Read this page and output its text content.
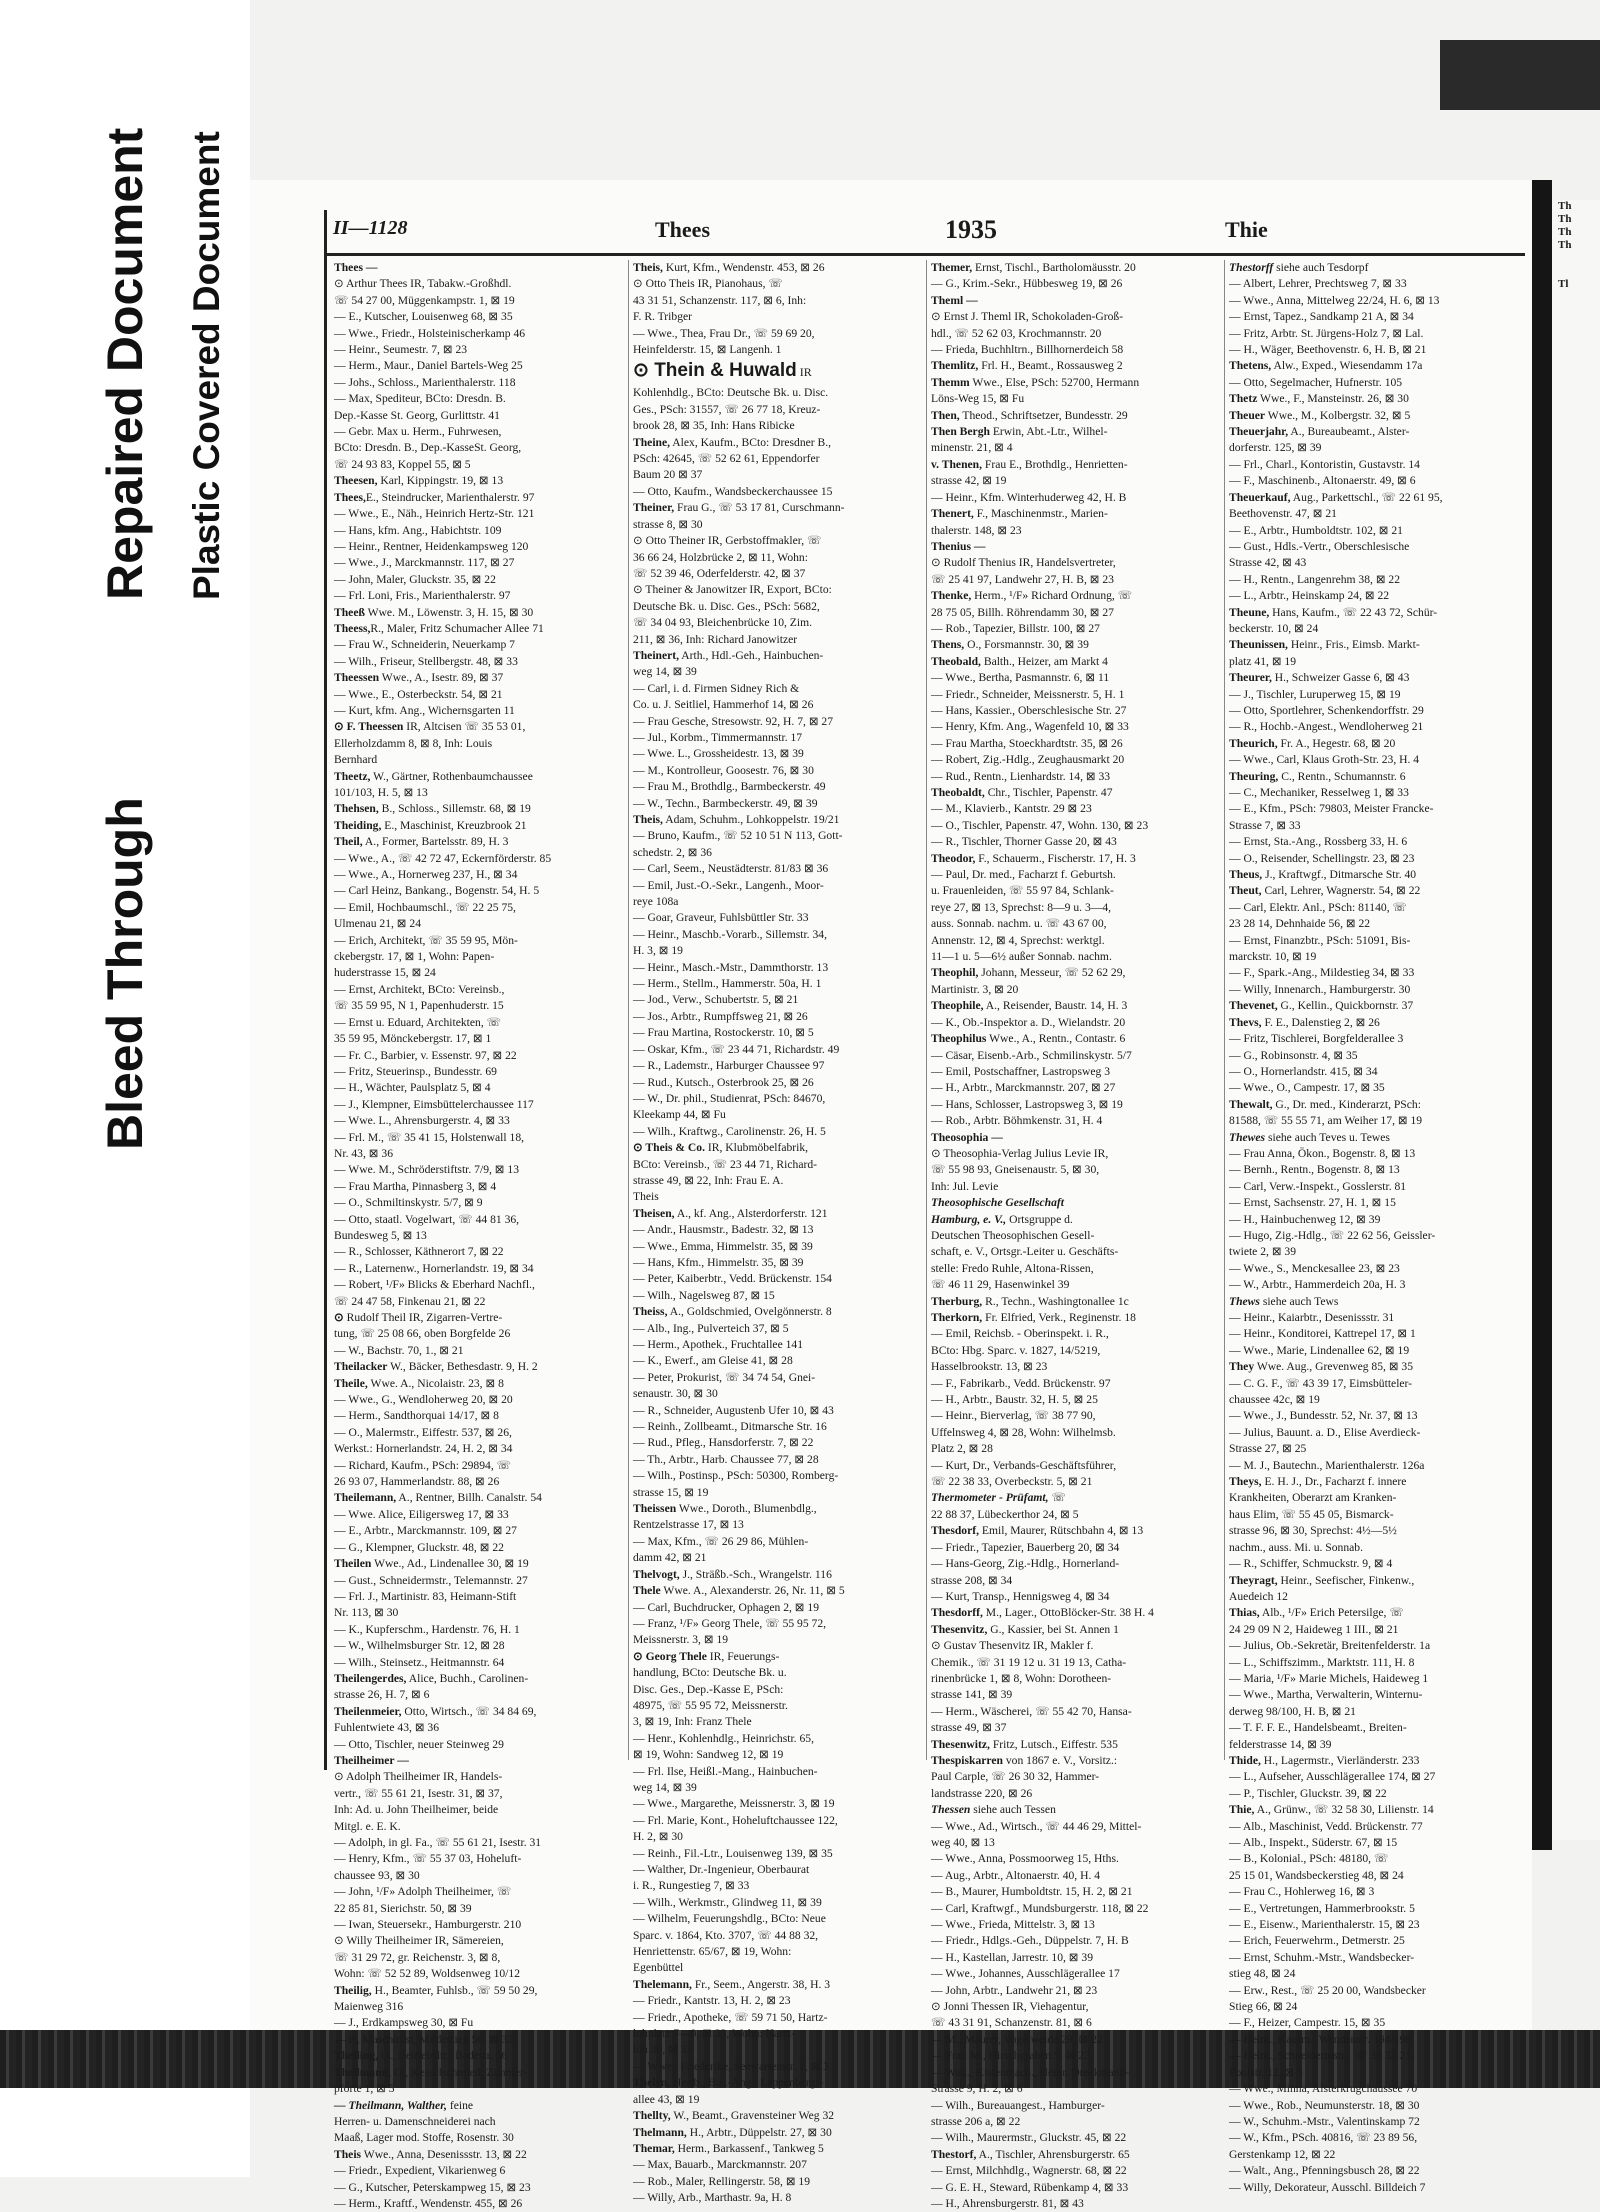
Repaired Document
Bleed Through
Plastic Covered Document	Th
Th
Th
Th

Tl
II—1128	Thees	1935	Thie

Thees —

⊙ Arthur Thees IR, Tabakw.-Großhdl.

☏ 54 27 00, Müggenkampstr. 1, ⊠ 19

— E., Kutscher, Louisenweg 68, ⊠ 35

— Wwe., Friedr., Holsteinischerkamp 46

— Heinr., Seumestr. 7, ⊠ 23

— Herm., Maur., Daniel Bartels-Weg 25

— Johs., Schloss., Marienthalerstr. 118

— Max, Spediteur, BCto: Dresdn. B.

Dep.-Kasse St. Georg, Gurlittstr. 41

— Gebr. Max u. Herm., Fuhrwesen,

BCto: Dresdn. B., Dep.-KasseSt. Georg,

☏ 24 93 83, Koppel 55, ⊠ 5

Theesen, Karl, Kippingstr. 19, ⊠ 13

Thees,E., Steindrucker, Marienthalerstr. 97

— Wwe., E., Näh., Heinrich Hertz-Str. 121

— Hans, kfm. Ang., Habichtstr. 109

— Heinr., Rentner, Heidenkampsweg 120

— Wwe., J., Marckmannstr. 117, ⊠ 27

— John, Maler, Gluckstr. 35, ⊠ 22

— Frl. Loni, Fris., Marienthalerstr. 97

Theeß Wwe. M., Löwenstr. 3, H. 15, ⊠ 30

Theess,R., Maler, Fritz Schumacher Allee 71

— Frau W., Schneiderin, Neuerkamp 7

— Wilh., Friseur, Stellbergstr. 48, ⊠ 33

Theessen Wwe., A., Isestr. 89, ⊠ 37

— Wwe., E., Osterbeckstr. 54, ⊠ 21

— Kurt, kfm. Ang., Wichernsgarten 11

⊙ F. Theessen IR, Altcisen ☏ 35 53 01,

Ellerholzdamm 8, ⊠ 8, Inh: Louis

Bernhard

Theetz, W., Gärtner, Rothenbaumchaussee

101/103, H. 5, ⊠ 13

Thehsen, B., Schloss., Sillemstr. 68, ⊠ 19

Theiding, E., Maschinist, Kreuzbrook 21

Theil, A., Former, Bartelsstr. 89, H. 3

— Wwe., A., ☏ 42 72 47, Eckernförderstr. 85

— Wwe., A., Hornerweg 237, H., ⊠ 34

— Carl Heinz, Bankang., Bogenstr. 54, H. 5

— Emil, Hochbaumschl., ☏ 22 25 75,

Ulmenau 21, ⊠ 24

— Erich, Architekt, ☏ 35 59 95, Mön-

ckebergstr. 17, ⊠ 1, Wohn: Papen-

huderstrasse 15, ⊠ 24

— Ernst, Architekt, BCto: Vereinsb.,

☏ 35 59 95, N 1, Papenhuderstr. 15

— Ernst u. Eduard, Architekten, ☏

35 59 95, Mönckebergstr. 17, ⊠ 1

— Fr. C., Barbier, v. Essenstr. 97, ⊠ 22

— Fritz, Steuerinsp., Bundesstr. 69

— H., Wächter, Paulsplatz 5, ⊠ 4

— J., Klempner, Eimsbüttelerchaussee 117

— Wwe. L., Ahrensburgerstr. 4, ⊠ 33

— Frl. M., ☏ 35 41 15, Holstenwall 18,

Nr. 43, ⊠ 36

— Wwe. M., Schröderstiftstr. 7/9, ⊠ 13

— Frau Martha, Pinnasberg 3, ⊠ 4

— O., Schmiltinskystr. 5/7, ⊠ 9

— Otto, staatl. Vogelwart, ☏ 44 81 36,

Bundesweg 5, ⊠ 13

— R., Schlosser, Käthnerort 7, ⊠ 22

— R., Laternenw., Hornerlandstr. 19, ⊠ 34

— Robert, ¹/F» Blicks & Eberhard Nachfl.,

☏ 24 47 58, Finkenau 21, ⊠ 22

⊙ Rudolf Theil IR, Zigarren-Vertre-

tung, ☏ 25 08 66, oben Borgfelde 26

— W., Bachstr. 70, 1., ⊠ 21

Theilacker W., Bäcker, Bethesdastr. 9, H. 2

Theile, Wwe. A., Nicolaistr. 23, ⊠ 8

— Wwe., G., Wendloherweg 20, ⊠ 20

— Herm., Sandthorquai 14/17, ⊠ 8

— O., Malermstr., Eiffestr. 537, ⊠ 26,

Werkst.: Hornerlandstr. 24, H. 2, ⊠ 34

— Richard, Kaufm., PSch: 29894, ☏

26 93 07, Hammerlandstr. 88, ⊠ 26

Theilemann, A., Rentner, Billh. Canalstr. 54

— Wwe. Alice, Eiligersweg 17, ⊠ 33

— E., Arbtr., Marckmannstr. 109, ⊠ 27

— G., Klempner, Gluckstr. 48, ⊠ 22

Theilen Wwe., Ad., Lindenallee 30, ⊠ 19

— Gust., Schneidermstr., Telemannstr. 27

— Frl. J., Martinistr. 83, Heimann-Stift

Nr. 113, ⊠ 30

— K., Kupferschm., Hardenstr. 76, H. 1

— W., Wilhelmsburger Str. 12, ⊠ 28

— Wilh., Steinsetz., Heitmannstr. 64

Theilengerdes, Alice, Buchh., Carolinen-

strasse 26, H. 7, ⊠ 6

Theilenmeier, Otto, Wirtsch., ☏ 34 84 69,

Fuhlentwiete 43, ⊠ 36

— Otto, Tischler, neuer Steinweg 29

Theilheimer —

⊙ Adolph Theilheimer IR, Handels-

vertr., ☏ 55 61 21, Isestr. 31, ⊠ 37,

Inh: Ad. u. John Theilheimer, beide

Mitgl. e. E. K.

— Adolph, in gl. Fa., ☏ 55 61 21, Isestr. 31

— Henry, Kfm., ☏ 55 37 03, Hoheluft-

chaussee 93, ⊠ 30

— John, ¹/F» Adolph Theilheimer, ☏

22 85 81, Sierichstr. 50, ⊠ 39

— Iwan, Steuersekr., Hamburgerstr. 210

⊙ Willy Theilheimer IR, Sämereien,

☏ 31 29 72, gr. Reichenstr. 3, ⊠ 8,

Wohn: ☏ 52 52 89, Woldsenweg 10/12

Theilig, H., Beamter, Fuhlsb., ☏ 59 50 29,

Maienweg 316

— J., Erdkampsweg 30, ⊠ Fu

— P., Maschinist, Mildestieg 56, ⊠ 33

Theiling, O., Betriebsltr., Badestr. 56

Theilmann, O., Kesselschmied, Zimmer-

pforte 1, ⊠ 5

— Theilmann, Walther, feine

Herren- u. Damenschneiderei nach

Maaß, Lager mod. Stoffe, Rosenstr. 30

Theis Wwe., Anna, Desenissstr. 13, ⊠ 22

— Friedr., Expedient, Vikarienweg 6

— G., Kutscher, Peterskampweg 15, ⊠ 23

— Herm., Kraftf., Wendenstr. 455, ⊠ 26

Theis, Kurt, Kfm., Wendenstr. 453, ⊠ 26

⊙ Otto Theis IR, Pianohaus, ☏

43 31 51, Schanzenstr. 117, ⊠ 6, Inh:

F. R. Tribger

— Wwe., Thea, Frau Dr., ☏ 59 69 20,

Heinfelderstr. 15, ⊠ Langenh. 1

⊙ Thein & Huwald IR

Kohlenhdlg., BCto: Deutsche Bk. u. Disc.

Ges., PSch: 31557, ☏ 26 77 18, Kreuz-

brook 28, ⊠ 35, Inh: Hans Ribicke

Theine, Alex, Kaufm., BCto: Dresdner B.,

PSch: 42645, ☏ 52 62 61, Eppendorfer

Baum 20 ⊠ 37

— Otto, Kaufm., Wandsbeckerchaussee 15

Theiner, Frau G., ☏ 53 17 81, Curschmann-

strasse 8, ⊠ 30

⊙ Otto Theiner IR, Gerbstoffmakler, ☏

36 66 24, Holzbrücke 2, ⊠ 11, Wohn:

☏ 52 39 46, Oderfelderstr. 42, ⊠ 37

⊙ Theiner & Janowitzer IR, Export, BCto:

Deutsche Bk. u. Disc. Ges., PSch: 5682,

☏ 34 04 93, Bleichenbrücke 10, Zim.

211, ⊠ 36, Inh: Richard Janowitzer

Theinert, Arth., Hdl.-Geh., Hainbuchen-

weg 14, ⊠ 39

— Carl, i. d. Firmen Sidney Rich &

Co. u. J. Seitliel, Hammerhof 14, ⊠ 26

— Frau Gesche, Stresowstr. 92, H. 7, ⊠ 27

— Jul., Korbm., Timmermannstr. 17

— Wwe. L., Grossheidestr. 13, ⊠ 39

— M., Kontrolleur, Goosestr. 76, ⊠ 30

— Frau M., Brothdlg., Barmbeckerstr. 49

— W., Techn., Barmbeckerstr. 49, ⊠ 39

Theis, Adam, Schuhm., Lohkoppelstr. 19/21

— Bruno, Kaufm., ☏ 52 10 51 N 113, Gott-

schedstr. 2, ⊠ 36

— Carl, Seem., Neustädterstr. 81/83 ⊠ 36

— Emil, Just.-O.-Sekr., Langenh., Moor-

reye 108a

— Goar, Graveur, Fuhlsbüttler Str. 33

— Heinr., Maschb.-Vorarb., Sillemstr. 34,

H. 3, ⊠ 19

— Heinr., Masch.-Mstr., Dammthorstr. 13

— Herm., Stellm., Hammerstr. 50a, H. 1

— Jod., Verw., Schubertstr. 5, ⊠ 21

— Jos., Arbtr., Rumpffsweg 21, ⊠ 26

— Frau Martina, Rostockerstr. 10, ⊠ 5

— Oskar, Kfm., ☏ 23 44 71, Richardstr. 49

— R., Lademstr., Harburger Chaussee 97

— Rud., Kutsch., Osterbrook 25, ⊠ 26

— W., Dr. phil., Studienrat, PSch: 84670,

Kleekamp 44, ⊠ Fu

— Wilh., Kraftwg., Carolinenstr. 26, H. 5

⊙ Theis & Co. IR, Klubmöbelfabrik,

BCto: Vereinsb., ☏ 23 44 71, Richard-

strasse 49, ⊠ 22, Inh: Frau E. A.

Theis

Theisen, A., kf. Ang., Alsterdorferstr. 121

— Andr., Hausmstr., Badestr. 32, ⊠ 13

— Wwe., Emma, Himmelstr. 35, ⊠ 39

— Hans, Kfm., Himmelstr. 35, ⊠ 39

— Peter, Kaiberbtr., Vedd. Brückenstr. 154

— Wilh., Nagelsweg 87, ⊠ 15

Theiss, A., Goldschmied, Ovelgönnerstr. 8

— Alb., Ing., Pulverteich 37, ⊠ 5

— Herm., Apothek., Fruchtallee 141

— K., Ewerf., am Gleise 41, ⊠ 28

— Peter, Prokurist, ☏ 34 74 54, Gnei-

senaustr. 30, ⊠ 30

— R., Schneider, Augustenb Ufer 10, ⊠ 43

— Reinh., Zollbeamt., Ditmarsche Str. 16

— Rud., Pfleg., Hansdorferstr. 7, ⊠ 22

— Th., Arbtr., Harb. Chaussee 77, ⊠ 28

— Wilh., Postinsp., PSch: 50300, Romberg-

strasse 15, ⊠ 19

Theissen Wwe., Doroth., Blumenbdlg.,

Rentzelstrasse 17, ⊠ 13

— Max, Kfm., ☏ 26 29 86, Mühlen-

damm 42, ⊠ 21

Thelvogt, J., Sträßb.-Sch., Wrangelstr. 116

Thele Wwe. A., Alexanderstr. 26, Nr. 11, ⊠ 5

— Carl, Buchdrucker, Ophagen 2, ⊠ 19

— Franz, ¹/F» Georg Thele, ☏ 55 95 72,

Meissnerstr. 3, ⊠ 19

⊙ Georg Thele IR, Feuerungs-

handlung, BCto: Deutsche Bk. u.

Disc. Ges., Dep.-Kasse E, PSch:

48975, ☏ 55 95 72, Meissnerstr.

3, ⊠ 19, Inh: Franz Thele

— Henr., Kohlenhdlg., Heinrichstr. 65,

⊠ 19, Wohn: Sandweg 12, ⊠ 19

— Frl. Ilse, Heißl.-Mang., Hainbuchen-

weg 14, ⊠ 39

— Wwe., Margarethe, Meissnerstr. 3, ⊠ 19

— Frl. Marie, Kont., Hoheluftchaussee 122,

H. 2, ⊠ 30

— Reinh., Fil.-Ltr., Louisenweg 139, ⊠ 35

— Walther, Dr.-Ingenieur, Oberbaurat

i. R., Rungestieg 7, ⊠ 33

— Wilh., Werkmstr., Glindweg 11, ⊠ 39

— Wilhelm, Feuerungshdlg., BCto: Neue

Sparc. v. 1864, Kto. 3707, ☏ 44 88 32,

Henriettenstr. 65/67, ⊠ 19, Wohn:

Egenbüttel

Thelemann, Fr., Seem., Angerstr. 38, H. 3

— Friedr., Kantstr. 13, H. 2, ⊠ 23

— Friedr., Apotheke, ☏ 59 71 50, Hartz-

lohplatz 7—9, ⊠ 33, Wohn: Hartz-

loh 30, ⊠ 33

— Wwe., Friederike, Seewartenstr. 1, ⊠ 3

Thelen, Herib., Bur.-Ang., Lappenbergs-

allee 43, ⊠ 19

Thellty, W., Beamt., Gravensteiner Weg 32

Thelmann, H., Arbtr., Düppelstr. 27, ⊠ 30

Themar, Herm., Barkassenf., Tankweg 5

— Max, Bauarb., Marckmannstr. 207

— Rob., Maler, Rellingerstr. 58, ⊠ 19

— Willy, Arb., Marthastr. 9a, H. 8

Themer, Ernst, Tischl., Bartholomäusstr. 20

— G., Krim.-Sekr., Hübbesweg 19, ⊠ 26

Theml —

⊙ Ernst J. Theml IR, Schokoladen-Groß-

hdl., ☏ 52 62 03, Krochmannstr. 20

— Frieda, Buchhltrn., Billhornerdeich 58

Themlitz, Frl. H., Beamt., Rossausweg 2

Themm Wwe., Else, PSch: 52700, Hermann

Löns-Weg 15, ⊠ Fu

Then, Theod., Schriftsetzer, Bundesstr. 29

Then Bergh Erwin, Abt.-Ltr., Wilhel-

minenstr. 21, ⊠ 4

v. Thenen, Frau E., Brothdlg., Henrietten-

strasse 42, ⊠ 19

— Heinr., Kfm. Winterhuderweg 42, H. B

Thenert, F., Maschinenmstr., Marien-

thalerstr. 148, ⊠ 23

Thenius —

⊙ Rudolf Thenius IR, Handelsvertreter,

☏ 25 41 97, Landwehr 27, H. B, ⊠ 23

Thenke, Herm., ¹/F» Richard Ordnung, ☏

28 75 05, Billh. Röhrendamm 30, ⊠ 27

— Rob., Tapezier, Billstr. 100, ⊠ 27

Thens, O., Forsmannstr. 30, ⊠ 39

Theobald, Balth., Heizer, am Markt 4

— Wwe., Bertha, Pasmannstr. 6, ⊠ 11

— Friedr., Schneider, Meissnerstr. 5, H. 1

— Hans, Kassier., Oberschlesische Str. 27

— Henry, Kfm. Ang., Wagenfeld 10, ⊠ 33

— Frau Martha, Stoeckhardtstr. 35, ⊠ 26

— Robert, Zig.-Hdlg., Zeughausmarkt 20

— Rud., Rentn., Lienhardstr. 14, ⊠ 33

Theobaldt, Chr., Tischler, Papenstr. 47

— M., Klavierb., Kantstr. 29 ⊠ 23

— O., Tischler, Papenstr. 47, Wohn. 130, ⊠ 23

— R., Tischler, Thorner Gasse 20, ⊠ 43

Theodor, F., Schauerm., Fischerstr. 17, H. 3

— Paul, Dr. med., Facharzt f. Geburtsh.

u. Frauenleiden, ☏ 55 97 84, Schlank-

reye 27, ⊠ 13, Sprechst: 8—9 u. 3—4,

auss. Sonnab. nachm. u. ☏ 43 67 00,

Annenstr. 12, ⊠ 4, Sprechst: werktgl.

11—1 u. 5—6½ außer Sonnab. nachm.

Theophil, Johann, Messeur, ☏ 52 62 29,

Martinistr. 3, ⊠ 20

Theophile, A., Reisender, Baustr. 14, H. 3

— K., Ob.-Inspektor a. D., Wielandstr. 20

Theophilus Wwe., A., Rentn., Contastr. 6

— Cäsar, Eisenb.-Arb., Schmilinskystr. 5/7

— Emil, Postschaffner, Lastropsweg 3

— H., Arbtr., Marckmannstr. 207, ⊠ 27

— Hans, Schlosser, Lastropsweg 3, ⊠ 19

— Rob., Arbtr. Böhmkenstr. 31, H. 4

Theosophia —

⊙ Theosophia-Verlag Julius Levie IR,

☏ 55 98 93, Gneisenaustr. 5, ⊠ 30,

Inh: Jul. Levie

Theosophische Gesellschaft

Hamburg, e. V., Ortsgruppe d.

Deutschen Theosophischen Gesell-

schaft, e. V., Ortsgr.-Leiter u. Geschäfts-

stelle: Fredo Ruhle, Altona-Rissen,

☏ 46 11 29, Hasenwinkel 39

Therburg, R., Techn., Washingtonallee 1c

Therkorn, Fr. Elfried, Verk., Reginenstr. 18

— Emil, Reichsb. - Oberinspekt. i. R.,

BCto: Hbg. Sparc. v. 1827, 14/5219,

Hasselbrookstr. 13, ⊠ 23

— F., Fabrikarb., Vedd. Brückenstr. 97

— H., Arbtr., Baustr. 32, H. 5, ⊠ 25

— Heinr., Bierverlag, ☏ 38 77 90,

Uffelnsweg 4, ⊠ 28, Wohn: Wilhelmsb.

Platz 2, ⊠ 28

— Kurt, Dr., Verbands-Geschäftsführer,

☏ 22 38 33, Overbeckstr. 5, ⊠ 21

Thermometer - Prüfamt, ☏

22 88 37, Lübeckerthor 24, ⊠ 5

Thesdorf, Emil, Maurer, Rütschbahn 4, ⊠ 13

— Friedr., Tapezier, Bauerberg 20, ⊠ 34

— Hans-Georg, Zig.-Hdlg., Hornerland-

strasse 208, ⊠ 34

— Kurt, Transp., Hennigsweg 4, ⊠ 34

Thesdorff, M., Lager., OttoBlöcker-Str. 38 H. 4

Thesenvitz, G., Kassier, bei St. Annen 1

⊙ Gustav Thesenvitz IR, Makler f.

Chemik., ☏ 31 19 12 u. 31 19 13, Catha-

rinenbrücke 1, ⊠ 8, Wohn: Dorotheen-

strasse 141, ⊠ 39

— Herm., Wäscherei, ☏ 55 42 70, Hansa-

strasse 49, ⊠ 37

Thesenwitz, Fritz, Lutsch., Eiffestr. 535

Thespiskarren von 1867 e. V., Vorsitz.:

Paul Carple, ☏ 26 30 32, Hammer-

landstrasse 220, ⊠ 26

Thessen siehe auch Tessen

— Wwe., Ad., Wirtsch., ☏ 44 46 29, Mittel-

weg 40, ⊠ 13

— Wwe., Anna, Possmoorweg 15, Hths.

— Aug., Arbtr., Altonaerstr. 40, H. 4

— B., Maurer, Humboldtstr. 15, H. 2, ⊠ 21

— Carl, Kraftwgf., Mundsburgerstr. 118, ⊠ 22

— Wwe., Frieda, Mittelstr. 3, ⊠ 13

— Friedr., Hdlgs.-Geh., Düppelstr. 7, H. B

— H., Kastellan, Jarrestr. 10, ⊠ 39

— Wwe., Johannes, Ausschlägerallee 17

— John, Arbtr., Landwehr 21, ⊠ 23

⊙ Jonni Thessen IR, Viehagentur,

☏ 43 31 91, Schanzenstr. 81, ⊠ 6

— M., Maurer, Vogelweide 29, ⊠ 22

— Frau M., Hirschgraben 5, ⊠ 23

— Walt., Kistenmach., Heinr. Dreckmann-

Strasse 9, H. 2, ⊠ 6

— Wilh., Bureauangest., Hamburger-

strasse 206 a, ⊠ 22

— Wilh., Maurermstr., Gluckstr. 45, ⊠ 22

Thestorf, A., Tischler, Ahrensburgerstr. 65

— Ernst, Milchhdlg., Wagnerstr. 68, ⊠ 22

— G. E. H., Steward, Rübenkamp 4, ⊠ 33

— H., Ahrensburgerstr. 81, ⊠ 43

Thestorff siehe auch Tesdorpf

— Albert, Lehrer, Prechtsweg 7, ⊠ 33

— Wwe., Anna, Mittelweg 22/24, H. 6, ⊠ 13

— Ernst, Tapez., Sandkamp 21 A, ⊠ 34

— Fritz, Arbtr. St. Jürgens-Holz 7, ⊠ Lal.

— H., Wäger, Beethovenstr. 6, H. B, ⊠ 21

Thetens, Alw., Exped., Wiesendamm 17a

— Otto, Segelmacher, Hufnerstr. 105

Thetz Wwe., F., Mansteinstr. 26, ⊠ 30

Theuer Wwe., M., Kolbergstr. 32, ⊠ 5

Theuerjahr, A., Bureaubeamt., Alster-

dorferstr. 125, ⊠ 39

— Frl., Charl., Kontoristin, Gustavstr. 14

— F., Maschinenb., Altonaerstr. 49, ⊠ 6

Theuerkauf, Aug., Parkettschl., ☏ 22 61 95,

Beethovenstr. 47, ⊠ 21

— E., Arbtr., Humboldtstr. 102, ⊠ 21

— Gust., Hdls.-Vertr., Oberschlesische

Strasse 42, ⊠ 43

— H., Rentn., Langenrehm 38, ⊠ 22

— L., Arbtr., Heinskamp 24, ⊠ 22

Theune, Hans, Kaufm., ☏ 22 43 72, Schür-

beckerstr. 10, ⊠ 24

Theunissen, Heinr., Fris., Eimsb. Markt-

platz 41, ⊠ 19

Theurer, H., Schweizer Gasse 6, ⊠ 43

— J., Tischler, Luruperweg 15, ⊠ 19

— Otto, Sportlehrer, Schenkendorffstr. 29

— R., Hochb.-Angest., Wendloherweg 21

Theurich, Fr. A., Hegestr. 68, ⊠ 20

— Wwe., Carl, Klaus Groth-Str. 23, H. 4

Theuring, C., Rentn., Schumannstr. 6

— C., Mechaniker, Resselweg 1, ⊠ 33

— E., Kfm., PSch: 79803, Meister Francke-

Strasse 7, ⊠ 33

— Ernst, Sta.-Ang., Rossberg 33, H. 6

— O., Reisender, Schellingstr. 23, ⊠ 23

Theus, J., Kraftwgf., Ditmarsche Str. 40

Theut, Carl, Lehrer, Wagnerstr. 54, ⊠ 22

— Carl, Elektr. Anl., PSch: 81140, ☏

23 28 14, Dehnhaide 56, ⊠ 22

— Ernst, Finanzbtr., PSch: 51091, Bis-

marckstr. 10, ⊠ 19

— F., Spark.-Ang., Mildestieg 34, ⊠ 33

— Willy, Innenarch., Hamburgerstr. 30

Thevenet, G., Kellin., Quickbornstr. 37

Thevs, F. E., Dalenstieg 2, ⊠ 26

— Fritz, Tischlerei, Borgfelderallee 3

— G., Robinsonstr. 4, ⊠ 35

— O., Hornerlandstr. 415, ⊠ 34

— Wwe., O., Campestr. 17, ⊠ 35

Thewalt, G., Dr. med., Kinderarzt, PSch:

81588, ☏ 55 55 71, am Weiher 17, ⊠ 19

Thewes siehe auch Teves u. Tewes

— Frau Anna, Ökon., Bogenstr. 8, ⊠ 13

— Bernh., Rentn., Bogenstr. 8, ⊠ 13

— Carl, Verw.-Inspekt., Gosslerstr. 81

— Ernst, Sachsenstr. 27, H. 1, ⊠ 15

— H., Hainbuchenweg 12, ⊠ 39

— Hugo, Zig.-Hdlg., ☏ 22 62 56, Geissler-

twiete 2, ⊠ 39

— Wwe., S., Menckesallee 23, ⊠ 23

— W., Arbtr., Hammerdeich 20a, H. 3

Thews siehe auch Tews

— Heinr., Kaiarbtr., Desenissstr. 31

— Heinr., Konditorei, Kattrepel 17, ⊠ 1

— Wwe., Marie, Lindenallee 62, ⊠ 19

They Wwe. Aug., Grevenweg 85, ⊠ 35

— C. G. F., ☏ 43 39 17, Eimsbütteler-

chaussee 42c, ⊠ 19

— Wwe., J., Bundesstr. 52, Nr. 37, ⊠ 13

— Julius, Bauunt. a. D., Elise Averdieck-

Strasse 27, ⊠ 25

— M. J., Bautechn., Marienthalerstr. 126a

Theys, E. H. J., Dr., Facharzt f. innere

Krankheiten, Oberarzt am Kranken-

haus Elim, ☏ 55 45 05, Bismarck-

strasse 96, ⊠ 30, Sprechst: 4½—5½

nachm., auss. Mi. u. Sonnab.

— R., Schiffer, Schmuckstr. 9, ⊠ 4

Theyragt, Heinr., Seefischer, Finkenw.,

Auedeich 12

Thias, Alb., ¹/F» Erich Petersilge, ☏

24 29 09 N 2, Haideweg 1 III., ⊠ 21

— Julius, Ob.-Sekretär, Breitenfelderstr. 1a

— L., Schiffszimm., Marktstr. 111, H. 8

— Maria, ¹/F» Marie Michels, Haideweg 1

— Wwe., Martha, Verwalterin, Winternu-

derweg 98/100, H. B, ⊠ 21

— T. F. F. E., Handelsbeamt., Breiten-

felderstrasse 14, ⊠ 39

Thide, H., Lagermstr., Vierländerstr. 233

— L., Aufseher, Ausschlägerallee 174, ⊠ 27

— P., Tischler, Gluckstr. 39, ⊠ 22

Thie, A., Grünw., ☏ 32 58 30, Lilienstr. 14

— Alb., Maschinist, Vedd. Brückenstr. 77

— Alb., Inspekt., Süderstr. 67, ⊠ 15

— B., Kolonial., PSch: 48180, ☏

25 15 01, Wandsbeckerstieg 48, ⊠ 24

— Frau C., Hohlerweg 16, ⊠ 3

— E., Vertretungen, Hammerbrookstr. 5

— E., Eisenw., Marienthalerstr. 15, ⊠ 23

— Erich, Feuerwehrm., Detmerstr. 25

— Ernst, Schuhm.-Mstr., Wandsbecker-

stieg 48, ⊠ 24

— Erw., Rest., ☏ 25 20 00, Wandsbecker

Stieg 66, ⊠ 24

— F., Heizer, Campestr. 15, ⊠ 35

— Heinr., Kaufm., Wendenstr. 194/198

— Heinr., Schneidermstr., ☏ 35 32 21,

Poolstr. 12, ⊠ 3

— Wwe., Minna, Alsterkrugchaussee 70

— Wwe., Rob., Neumunsterstr. 18, ⊠ 30

— W., Schuhm.-Mstr., Valentinskamp 72

— W., Kfm., PSch. 40816, ☏ 23 89 56,

Gerstenkamp 12, ⊠ 22

— Walt., Ang., Pfenningsbusch 28, ⊠ 22

— Willy, Dekorateur, Ausschl. Billdeich 7
